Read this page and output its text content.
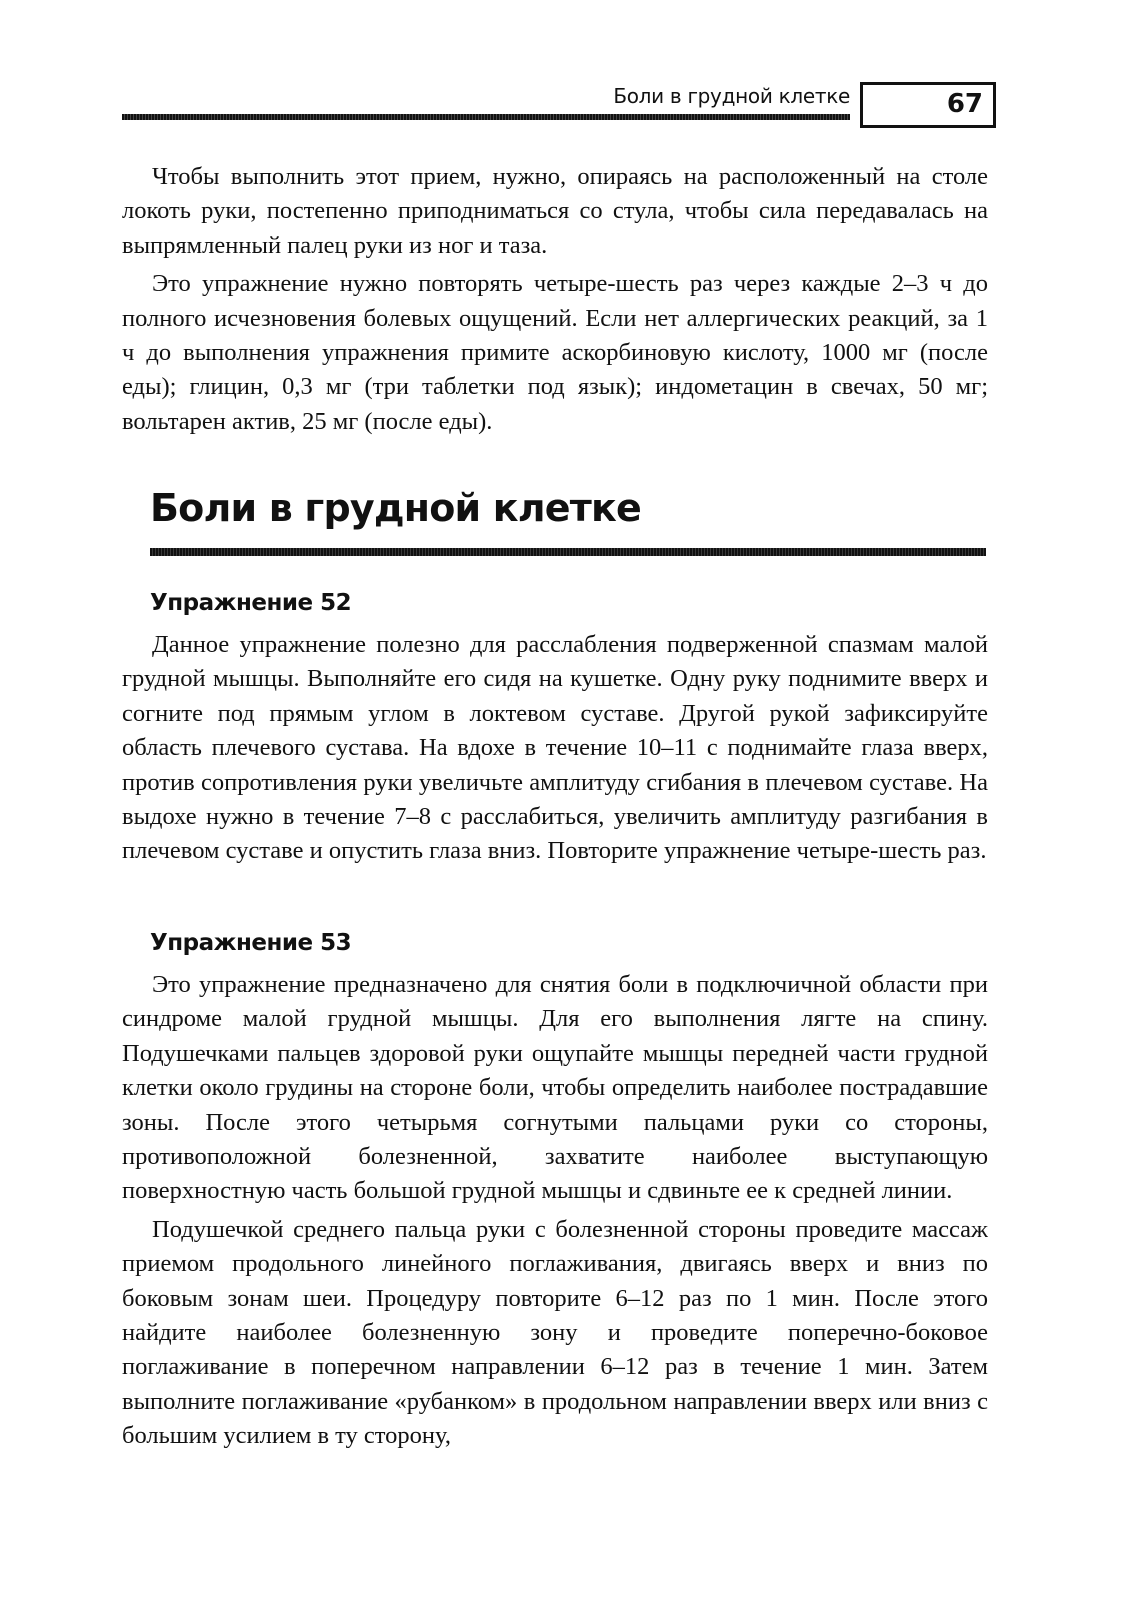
Боли в грудной клетке	67

Чтобы выполнить этот прием, нужно, опираясь на расположенный на столе локоть руки, постепенно приподниматься со стула, чтобы сила передавалась на выпрямленный палец руки из ног и таза.

Это упражнение нужно повторять четыре-шесть раз через каждые 2–3 ч до полного исчезновения болевых ощущений. Если нет аллергических реакций, за 1 ч до выполнения упражнения примите аскорбиновую кислоту, 1000 мг (после еды); глицин, 0,3 мг (три таблетки под язык); индометацин в свечах, 50 мг; вольтарен актив, 25 мг (после еды).

Боли в грудной клетке
Упражнение 52

Данное упражнение полезно для расслабления подверженной спазмам малой грудной мышцы. Выполняйте его сидя на кушетке. Одну руку поднимите вверх и согните под прямым углом в локтевом суставе. Другой рукой зафиксируйте область плечевого сустава. На вдохе в течение 10–11 с поднимайте глаза вверх, против сопротивления руки увеличьте амплитуду сгибания в плечевом суставе. На выдохе нужно в течение 7–8 с расслабиться, увеличить амплитуду разгибания в плечевом суставе и опустить глаза вниз. Повторите упражнение четыре-шесть раз.

Упражнение 53

Это упражнение предназначено для снятия боли в подключичной области при синдроме малой грудной мышцы. Для его выполнения лягте на спину. Подушечками пальцев здоровой руки ощупайте мышцы передней части грудной клетки около грудины на стороне боли, чтобы определить наиболее пострадавшие зоны. После этого четырьмя согнутыми пальцами руки со стороны, противоположной болезненной, захватите наиболее выступающую поверхностную часть большой грудной мышцы и сдвиньте ее к средней линии.

Подушечкой среднего пальца руки с болезненной стороны проведите массаж приемом продольного линейного поглаживания, двигаясь вверх и вниз по боковым зонам шеи. Процедуру повторите 6–12 раз по 1 мин. После этого найдите наиболее болезненную зону и проведите поперечно-боковое поглаживание в поперечном направлении 6–12 раз в течение 1 мин. Затем выполните поглаживание «рубанком» в продольном направлении вверх или вниз с большим усилием в ту сторону,
